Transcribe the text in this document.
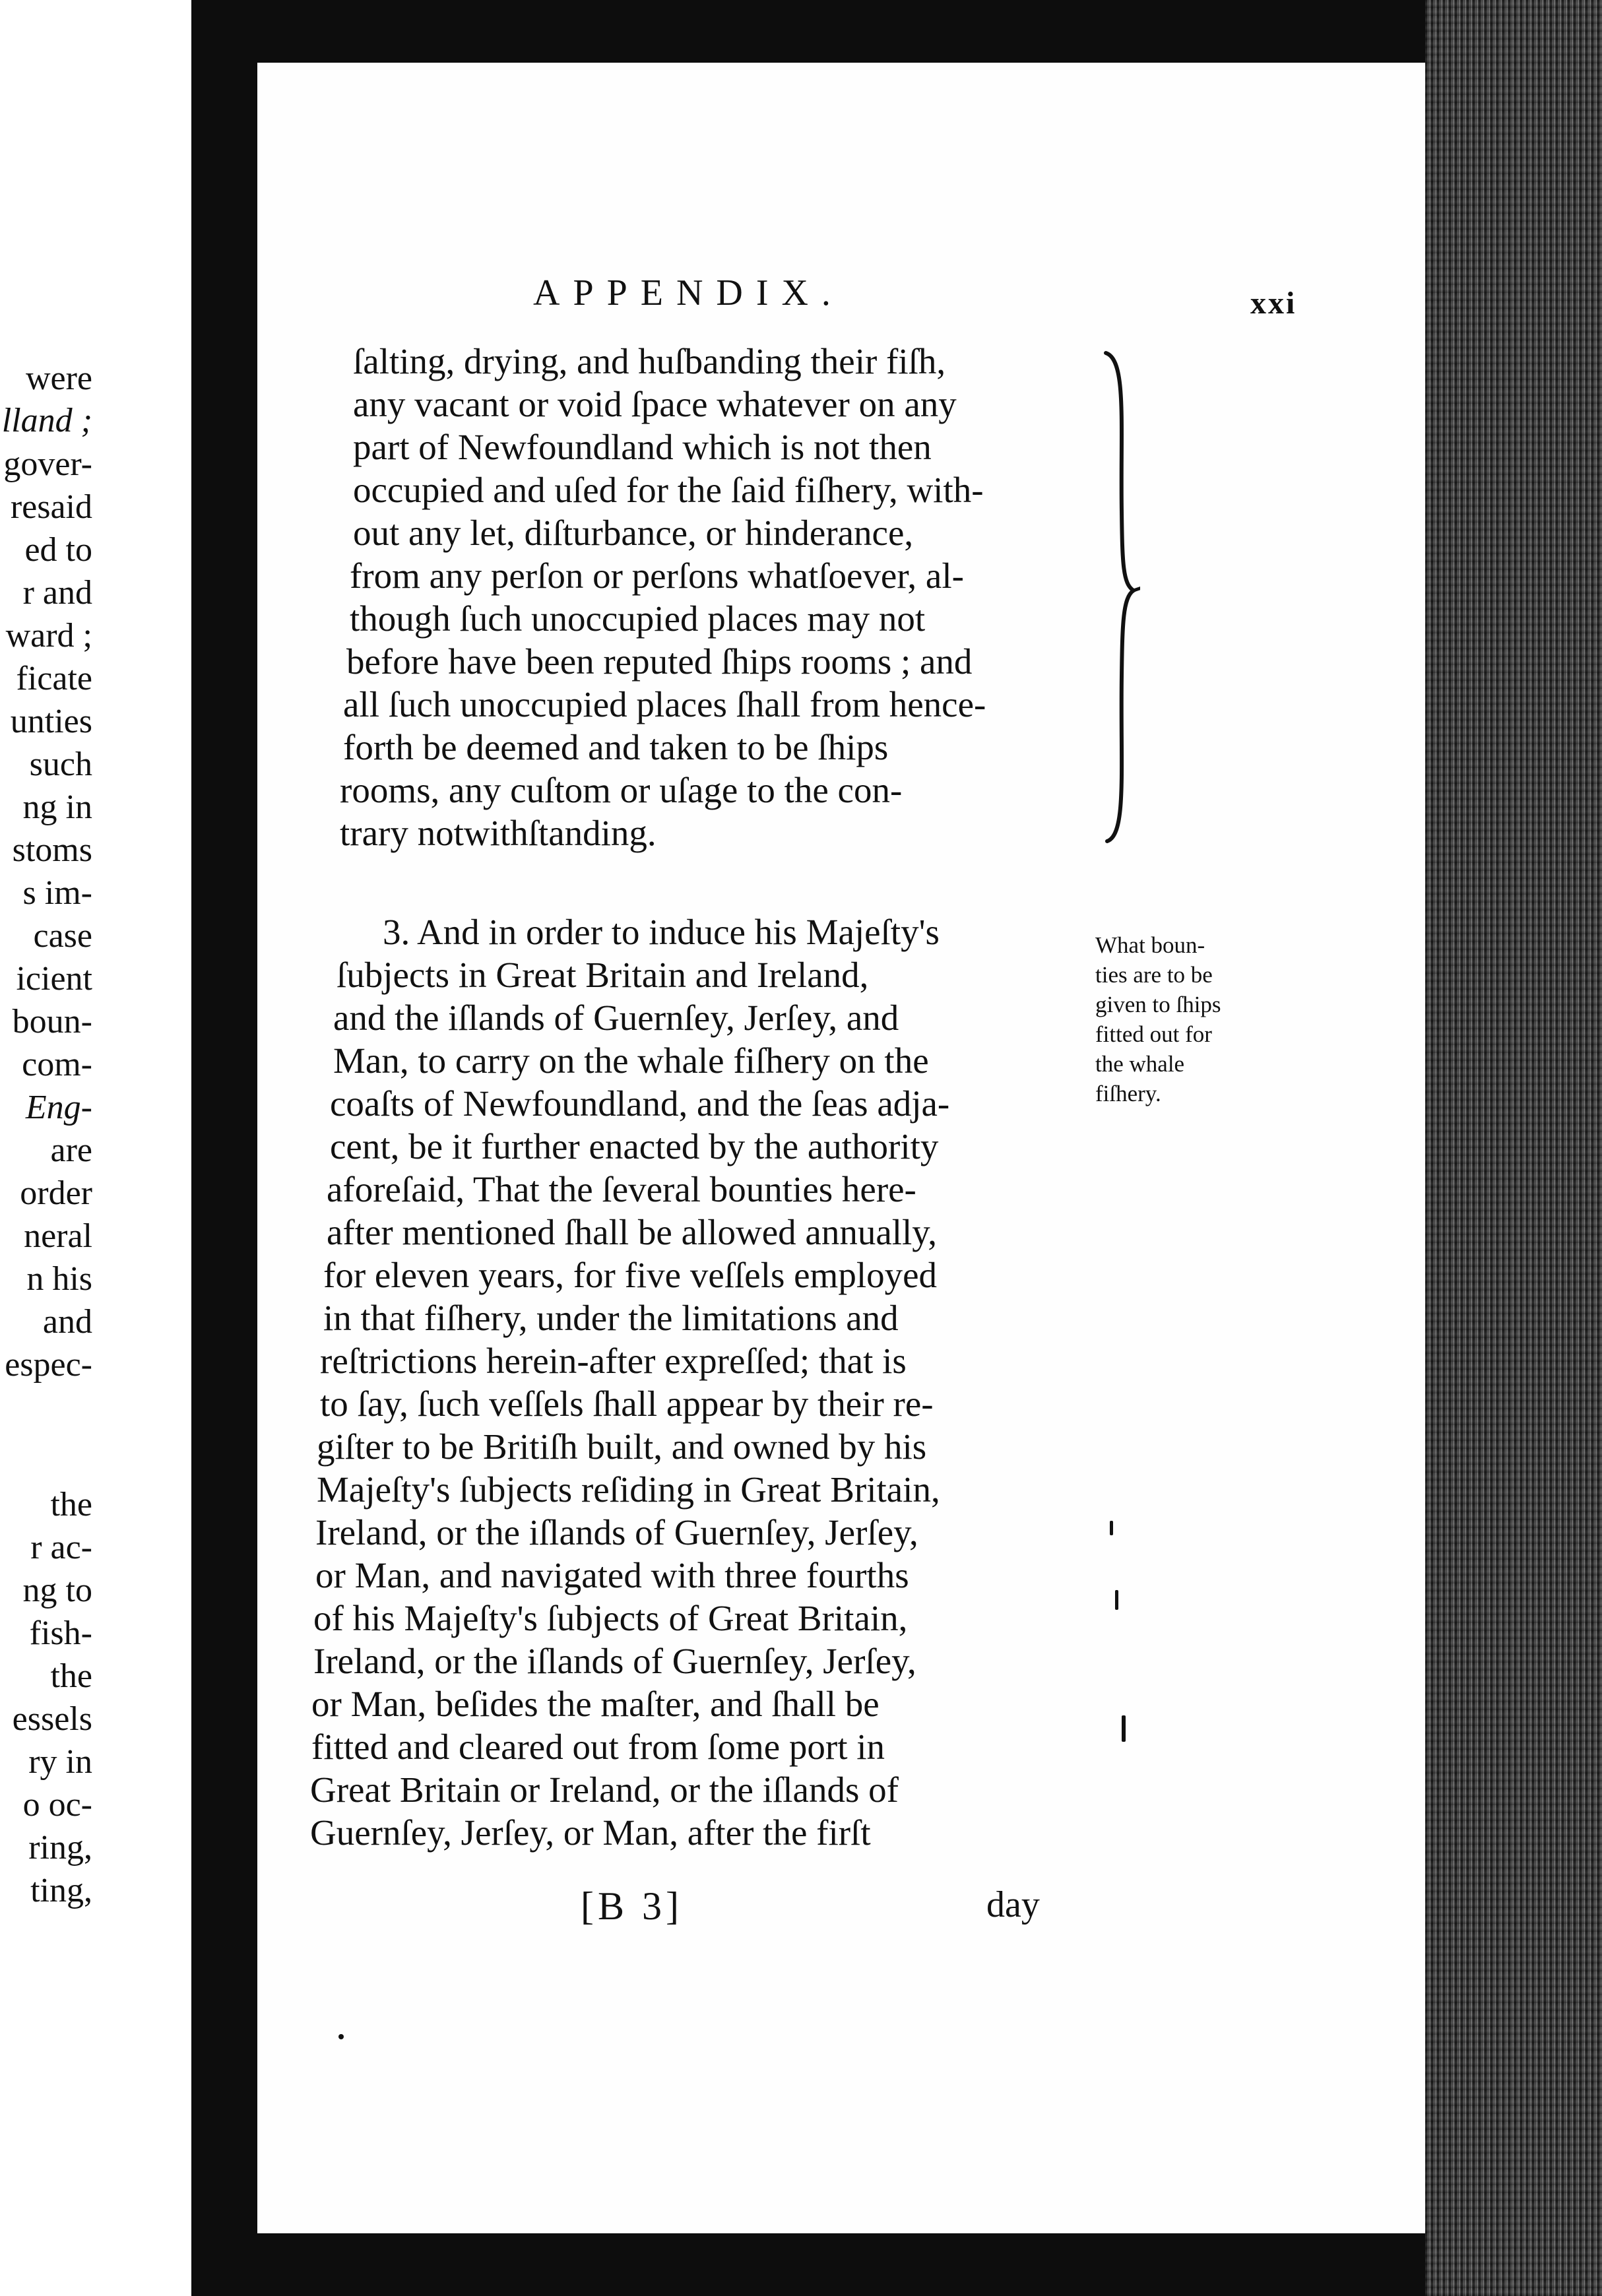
were
lland ;
gover-
resaid
ed to
r and
ward ;
ficate
unties
such
ng in
stoms
s im-
case
icient
boun-
com-
Eng-
are
order
neral
n his
and
espec-
the
r ac-
ng to
fish-
the
essels
ry in
o oc-
ring,
ting,
APPENDIX.	xxi
ſalting, drying, and huſbanding their fiſh,
any vacant or void ſpace whatever on any
part of Newfoundland which is not then
occupied and uſed for the ſaid fiſhery, with-
out any let, diſturbance, or hinderance,
from any perſon or perſons whatſoever, al-
though ſuch unoccupied places may not
before have been reputed ſhips rooms ; and
all ſuch unoccupied places ſhall from hence-
forth be deemed and taken to be ſhips
rooms, any cuſtom or uſage to the con-
trary notwithſtanding.
3. And in order to induce his Majeſty's
ſubjects in Great Britain and Ireland,
and the iſlands of Guernſey, Jerſey, and
Man, to carry on the whale fiſhery on the
coaſts of Newfoundland, and the ſeas adja-
cent, be it further enacted by the authority
aforeſaid, That the ſeveral bounties here-
after mentioned ſhall be allowed annually,
for eleven years, for five veſſels employed
in that fiſhery, under the limitations and
reſtrictions herein-after expreſſed; that is
to ſay, ſuch veſſels ſhall appear by their re-
giſter to be Britiſh built, and owned by his
Majeſty's ſubjects reſiding in Great Britain,
Ireland, or the iſlands of Guernſey, Jerſey,
or Man, and navigated with three fourths
of his Majeſty's ſubjects of Great Britain,
Ireland, or the iſlands of Guernſey, Jerſey,
or Man, beſides the maſter, and ſhall be
fitted and cleared out from ſome port in
Great Britain or Ireland, or the iſlands of
Guernſey, Jerſey, or Man, after the firſt
What boun-
ties are to be
given to ſhips
fitted out for
the whale
fiſhery.
[B 3]	day
